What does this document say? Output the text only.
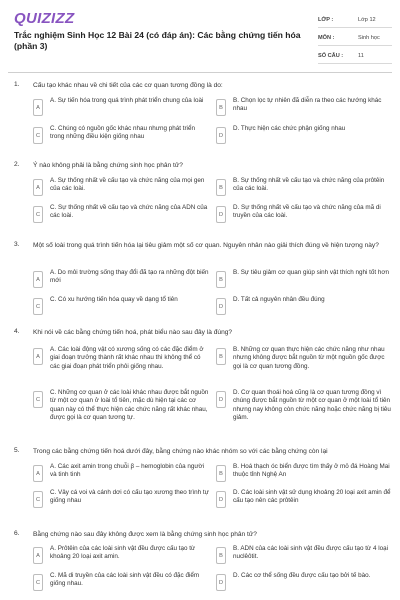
QUIZIZZ
Trắc nghiệm Sinh Học 12 Bài 24 (có đáp án): Các bằng chứng tiến hóa (phần 3)
LỚP :	Lớp 12
MÔN :	Sinh học
SỐ CÂU :	11
1. Cấu tạo khác nhau về chi tiết của các cơ quan tương đồng là do:
A
A. Sự tiến hóa trong quá trình phát triển chung của loài
B
B. Chọn lọc tự nhiên đã diễn ra theo các hướng khác nhau
C
C. Chúng có nguồn gốc khác nhau nhưng phát triển trong những điều kiện giống nhau	D
D. Thực hiện các chức phận giống nhau
2. Ý nào không phải là bằng chứng sinh học phân tử?
A
A. Sự thống nhất về cấu tạo và chức năng của mọi gen của các loài.	B
B. Sự thống nhất về cấu tạo và chức năng của prôtêin của các loài.
C
C. Sự thống nhất về cấu tạo và chức năng của ADN của các loài.	D
D. Sự thống nhất về cấu tạo và chức năng của mã di truyền của các loài.
3. Một số loài trong quá trình tiến hóa lại tiêu giảm một số cơ quan. Nguyên nhân nào giải thích đúng về hiện tượng này?
A
A. Do môi trường sống thay đổi đã tạo ra những đột biến mới	B
B. Sự tiêu giảm cơ quan giúp sinh vật thích nghi tốt hơn
C
C. Có xu hướng tiến hóa quay về dạng tổ tiên
D
D. Tất cả nguyên nhân đều đúng
4. Khi nói về các bằng chứng tiến hoá, phát biểu nào sau đây là đúng?
A
A. Các loài động vật có xương sống có các đặc điểm ở giai đoạn trưởng thành rất khác nhau thì không thể có các giai đoạn phát triển phôi giống nhau.
B
B. Những cơ quan thực hiện các chức năng như nhau nhưng không được bắt nguồn từ một nguồn gốc được gọi là cơ quan tương đồng.
C
C. Những cơ quan ở các loài khác nhau được bắt nguồn từ một cơ quan ở loài tổ tiên, mặc dù hiện tại các cơ quan này có thể thực hiện các chức năng rất khác nhau, được gọi là cơ quan tương tự.
D
D. Cơ quan thoái hoá cũng là cơ quan tương đồng vì chúng được bắt nguồn từ một cơ quan ở một loài tổ tiên nhưng nay không còn chức năng hoặc chức năng bị tiêu giảm.
5. Trong các bằng chứng tiến hoá dưới đây, bằng chứng nào khác nhóm so với các bằng chứng còn lại
A
A. Các axit amin trong chuỗi β – hemoglobin của người và tinh tinh	B
B. Hoá thạch óc biển được tìm thấy ở mỏ đá Hoàng Mai thuộc tỉnh Nghệ An
C
C. Vây cá voi và cánh dơi có cấu tạo xương theo trình tự giống nhau	D
D. Các loài sinh vật sử dụng khoảng 20 loại axit amin để cấu tạo nên các prôtêin
6. Bằng chứng nào sau đây không được xem là bằng chứng sinh học phân tử?
A
A. Prôtêin của các loài sinh vật đều được cấu tạo từ khoảng 20 loại axit amin.	B
B. ADN của các loài sinh vật đều được cấu tạo từ 4 loại nuclêôtit.
C
C. Mã di truyền của các loài sinh vật đều có đặc điểm giống nhau.	D
D. Các cơ thể sống đều được cấu tạo bởi tế bào.
